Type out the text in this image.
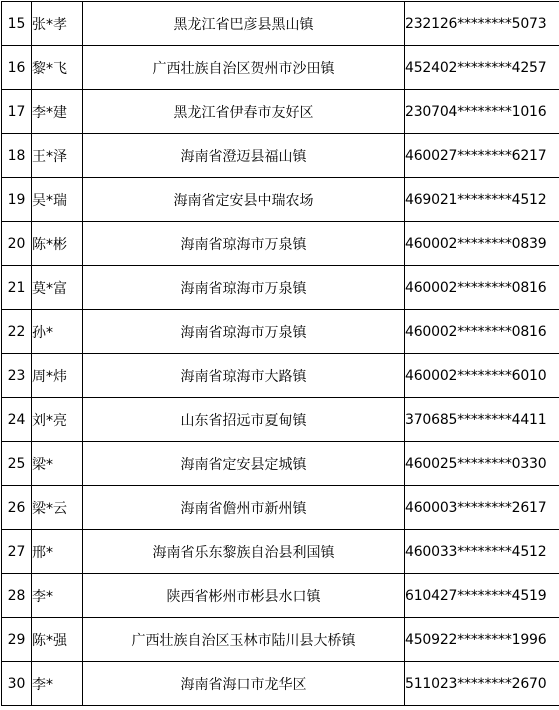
15	张*孝	黑龙江省巴彦县黑山镇	232126********5073
16	黎*飞	广西壮族自治区贺州市沙田镇	452402********4257
17	李*建	黑龙江省伊春市友好区	230704********1016
18	王*泽	海南省澄迈县福山镇	460027********6217
19	吴*瑞	海南省定安县中瑞农场	469021********4512
20	陈*彬	海南省琼海市万泉镇	460002********0839
21	莫*富	海南省琼海市万泉镇	460002********0816
22	孙*	海南省琼海市万泉镇	460002********0816
23	周*炜	海南省琼海市大路镇	460002********6010
24	刘*亮	山东省招远市夏甸镇	370685********4411
25	梁*	海南省定安县定城镇	460025********0330
26	梁*云	海南省儋州市新州镇	460003********2617
27	邢*	海南省乐东黎族自治县利国镇	460033********4512
28	李*	陕西省彬州市彬县水口镇	610427********4519
29	陈*强	广西壮族自治区玉林市陆川县大桥镇	450922********1996
30	李*	海南省海口市龙华区	511023********2670
